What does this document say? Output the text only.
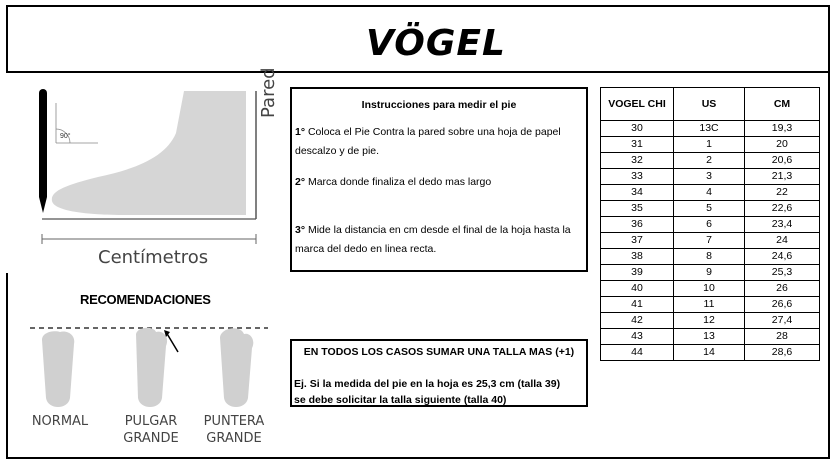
VÖGEL
90°
Pared
Centímetros
RECOMENDACIONES
NORMAL	PULGAR
GRANDE
PUNTERA
GRANDE
Instrucciones para medir el pie
1° Coloca el Pie Contra la pared sobre una hoja de papel descalzo y de pie.
2° Marca donde finaliza el dedo mas largo
3° Mide la distancia en cm desde el final de la hoja hasta la marca del dedo en linea recta.
EN TODOS LOS CASOS SUMAR UNA TALLA MAS (+1)
Ej. Si la medida del pie en la hoja es 25,3 cm (talla 39)
se debe solicitar la talla siguiente (talla 40)
VOGEL CHI	US	CM
30	13C	19,3
31	1	20
32	2	20,6
33	3	21,3
34	4	22
35	5	22,6
36	6	23,4
37	7	24
38	8	24,6
39	9	25,3
40	10	26
41	11	26,6
42	12	27,4
43	13	28
44	14	28,6
